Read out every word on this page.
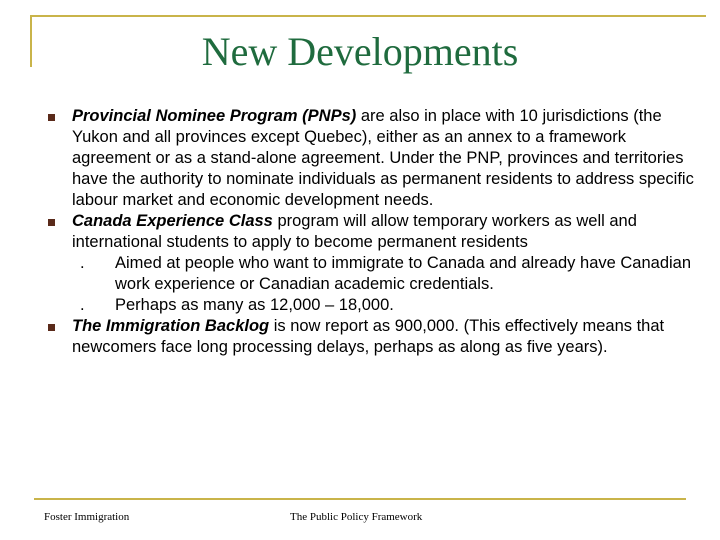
New Developments
Provincial Nominee Program (PNPs) are also in place with 10 jurisdictions (the Yukon and all provinces except Quebec), either as an annex to a framework agreement or as a stand-alone agreement. Under the PNP, provinces and territories have the authority to nominate individuals as permanent residents to address specific labour market and economic development needs.
Canada Experience Class program will allow temporary workers as well and international students to apply to become permanent residents
. Aimed at people who want to immigrate to Canada and already have Canadian work experience or Canadian academic credentials.
. Perhaps as many as 12,000 – 18,000.
The Immigration Backlog is now report as 900,000. (This effectively means that newcomers face long processing delays, perhaps as along as five years).
Foster Immigration	The Public Policy Framework
